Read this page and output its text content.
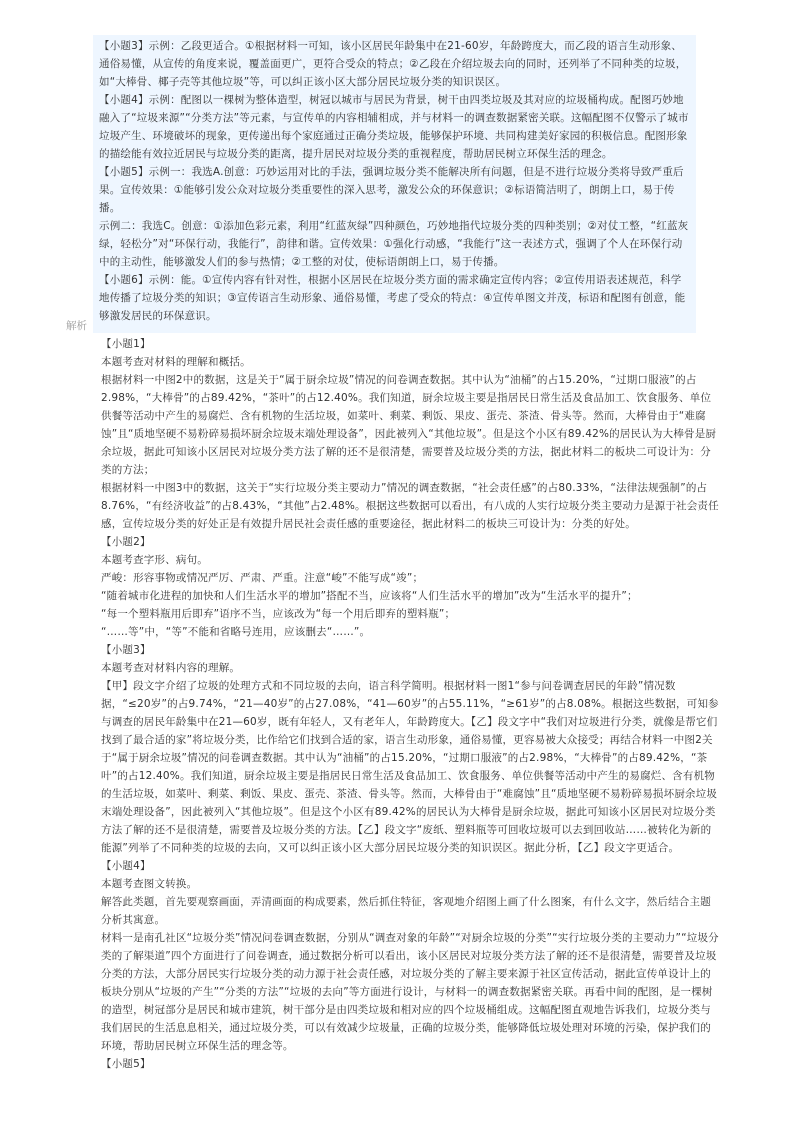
【小题3】示例：乙段更适合。①根据材料一可知，该小区居民年龄集中在21-60岁，年龄跨度大，而乙段的语言生动形象、通俗易懂，从宣传的角度来说，覆盖面更广，更符合受众的特点；②乙段在介绍垃圾去向的同时，还列举了不同种类的垃圾，如“大棒骨、椰子壳等其他垃圾”等，可以纠正该小区大部分居民垃圾分类的知识误区。

【小题4】示例：配图以一棵树为整体造型，树冠以城市与居民为背景，树干由四类垃圾及其对应的垃圾桶构成。配图巧妙地融入了“垃圾来源”“分类方法”等元素，与宣传单的内容相辅相成，并与材料一的调查数据紧密关联。这幅配图不仅警示了城市垃圾产生、环境破坏的现象，更传递出每个家庭通过正确分类垃圾，能够保护环境、共同构建美好家园的积极信息。配图形象的描绘能有效拉近居民与垃圾分类的距离，提升居民对垃圾分类的重视程度，帮助居民树立环保生活的理念。

【小题5】示例一：我选A.创意：巧妙运用对比的手法，强调垃圾分类不能解决所有问题，但是不进行垃圾分类将导致严重后果。宣传效果：①能够引发公众对垃圾分类重要性的深入思考，激发公众的环保意识；②标语简洁明了，朗朗上口，易于传播。

示例二：我选C。创意：①添加色彩元素，利用“红蓝灰绿”四种颜色，巧妙地指代垃圾分类的四种类别；②对仗工整，“红蓝灰绿，轻松分”对“环保行动，我能行”，韵律和谐。宣传效果：①强化行动感，“我能行”这一表述方式，强调了个人在环保行动中的主动性，能够激发人们的参与热情；②工整的对仗，使标语朗朗上口，易于传播。

【小题6】示例：能。①宣传内容有针对性，根据小区居民在垃圾分类方面的需求确定宣传内容；②宣传用语表述规范，科学地传播了垃圾分类的知识；③宣传语言生动形象、通俗易懂，考虑了受众的特点：④宣传单图文并茂，标语和配图有创意，能够激发居民的环保意识。

解析

【小题1】

本题考查对材料的理解和概括。

根据材料一中图2中的数据，这是关于“属于厨余垃圾”情况的问卷调查数据。其中认为“油桶”的占15.20%，“过期口服液”的占2.98%，“大棒骨”的占89.42%，“茶叶”的占12.40%。我们知道，厨余垃圾主要是指居民日常生活及食品加工、饮食服务、单位供餐等活动中产生的易腐烂、含有机物的生活垃圾，如菜叶、剩菜、剩饭、果皮、蛋壳、茶渣、骨头等。然而，大棒骨由于“难腐蚀”且“质地坚硬不易粉碎易损坏厨余垃圾末端处理设备”，因此被列入“其他垃圾”。但是这个小区有89.42%的居民认为大棒骨是厨余垃圾，据此可知该小区居民对垃圾分类方法了解的还不是很清楚，需要普及垃圾分类的方法，据此材料二的板块二可设计为：分类的方法；

根据材料一中图3中的数据，这关于“实行垃圾分类主要动力”情况的调查数据，“社会责任感”的占80.33%，“法律法规强制”的占8.76%，“有经济收益”的占8.43%，“其他”占2.48%。根据这些数据可以看出，有八成的人实行垃圾分类主要动力是源于社会责任感，宣传垃圾分类的好处正是有效提升居民社会责任感的重要途径，据此材料二的板块三可设计为：分类的好处。

【小题2】

本题考查字形、病句。

严峻：形容事物或情况严厉、严肃、严重。注意“峻”不能写成“竣”；

“随着城市化进程的加快和人们生活水平的增加”搭配不当，应该将“人们生活水平的增加”改为“生活水平的提升”；

“每一个塑料瓶用后即弃”语序不当，应该改为“每一个用后即弃的塑料瓶”；

“……等”中，“等”不能和省略号连用，应该删去“……”。

【小题3】

本题考查对材料内容的理解。

【甲】段文字介绍了垃圾的处理方式和不同垃圾的去向，语言科学简明。根据材料一图1“参与问卷调查居民的年龄”情况数据，“≤20岁”的占9.74%，“21—40岁”的占27.08%，“41—60岁”的占55.11%，“≥61岁”的占8.08%。根据这些数据，可知参与调查的居民年龄集中在21—60岁，既有年轻人，又有老年人，年龄跨度大。【乙】段文字中“我们对垃圾进行分类，就像是帮它们找到了最合适的家”将垃圾分类，比作给它们找到合适的家，语言生动形象，通俗易懂，更容易被大众接受；再结合材料一中图2关于“属于厨余垃圾”情况的问卷调查数据。其中认为“油桶”的占15.20%，“过期口服液”的占2.98%，“大棒骨”的占89.42%，“茶叶”的占12.40%。我们知道，厨余垃圾主要是指居民日常生活及食品加工、饮食服务、单位供餐等活动中产生的易腐烂、含有机物的生活垃圾，如菜叶、剩菜、剩饭、果皮、蛋壳、茶渣、骨头等。然而，大棒骨由于“难腐蚀”且“质地坚硬不易粉碎易损坏厨余垃圾末端处理设备”，因此被列入“其他垃圾”。但是这个小区有89.42%的居民认为大棒骨是厨余垃圾，据此可知该小区居民对垃圾分类方法了解的还不是很清楚，需要普及垃圾分类的方法。【乙】段文字“废纸、塑料瓶等可回收垃圾可以去到回收站……被转化为新的能源”列举了不同种类的垃圾的去向，又可以纠正该小区大部分居民垃圾分类的知识误区。据此分析，【乙】段文字更适合。

【小题4】

本题考查图文转换。

解答此类题，首先要观察画面，弄清画面的构成要素，然后抓住特征，客观地介绍图上画了什么图案，有什么文字，然后结合主题分析其寓意。

材料一是南孔社区“垃圾分类”情况问卷调查数据，分别从“调查对象的年龄”“对厨余垃圾的分类”“实行垃圾分类的主要动力”“垃圾分类的了解渠道”四个方面进行了问卷调查，通过数据分析可以看出，该小区居民对垃圾分类方法了解的还不是很清楚，需要普及垃圾分类的方法，大部分居民实行垃圾分类的动力源于社会责任感，对垃圾分类的了解主要来源于社区宣传活动，据此宣传单设计上的板块分别从“垃圾的产生”“分类的方法”“垃圾的去向”等方面进行设计，与材料一的调查数据紧密关联。再看中间的配图，是一棵树的造型，树冠部分是居民和城市建筑，树干部分是由四类垃圾和相对应的四个垃圾桶组成。这幅配图直观地告诉我们，垃圾分类与我们居民的生活息息相关，通过垃圾分类，可以有效减少垃圾量，正确的垃圾分类，能够降低垃圾处理对环境的污染，保护我们的环境，帮助居民树立环保生活的理念等。

【小题5】
